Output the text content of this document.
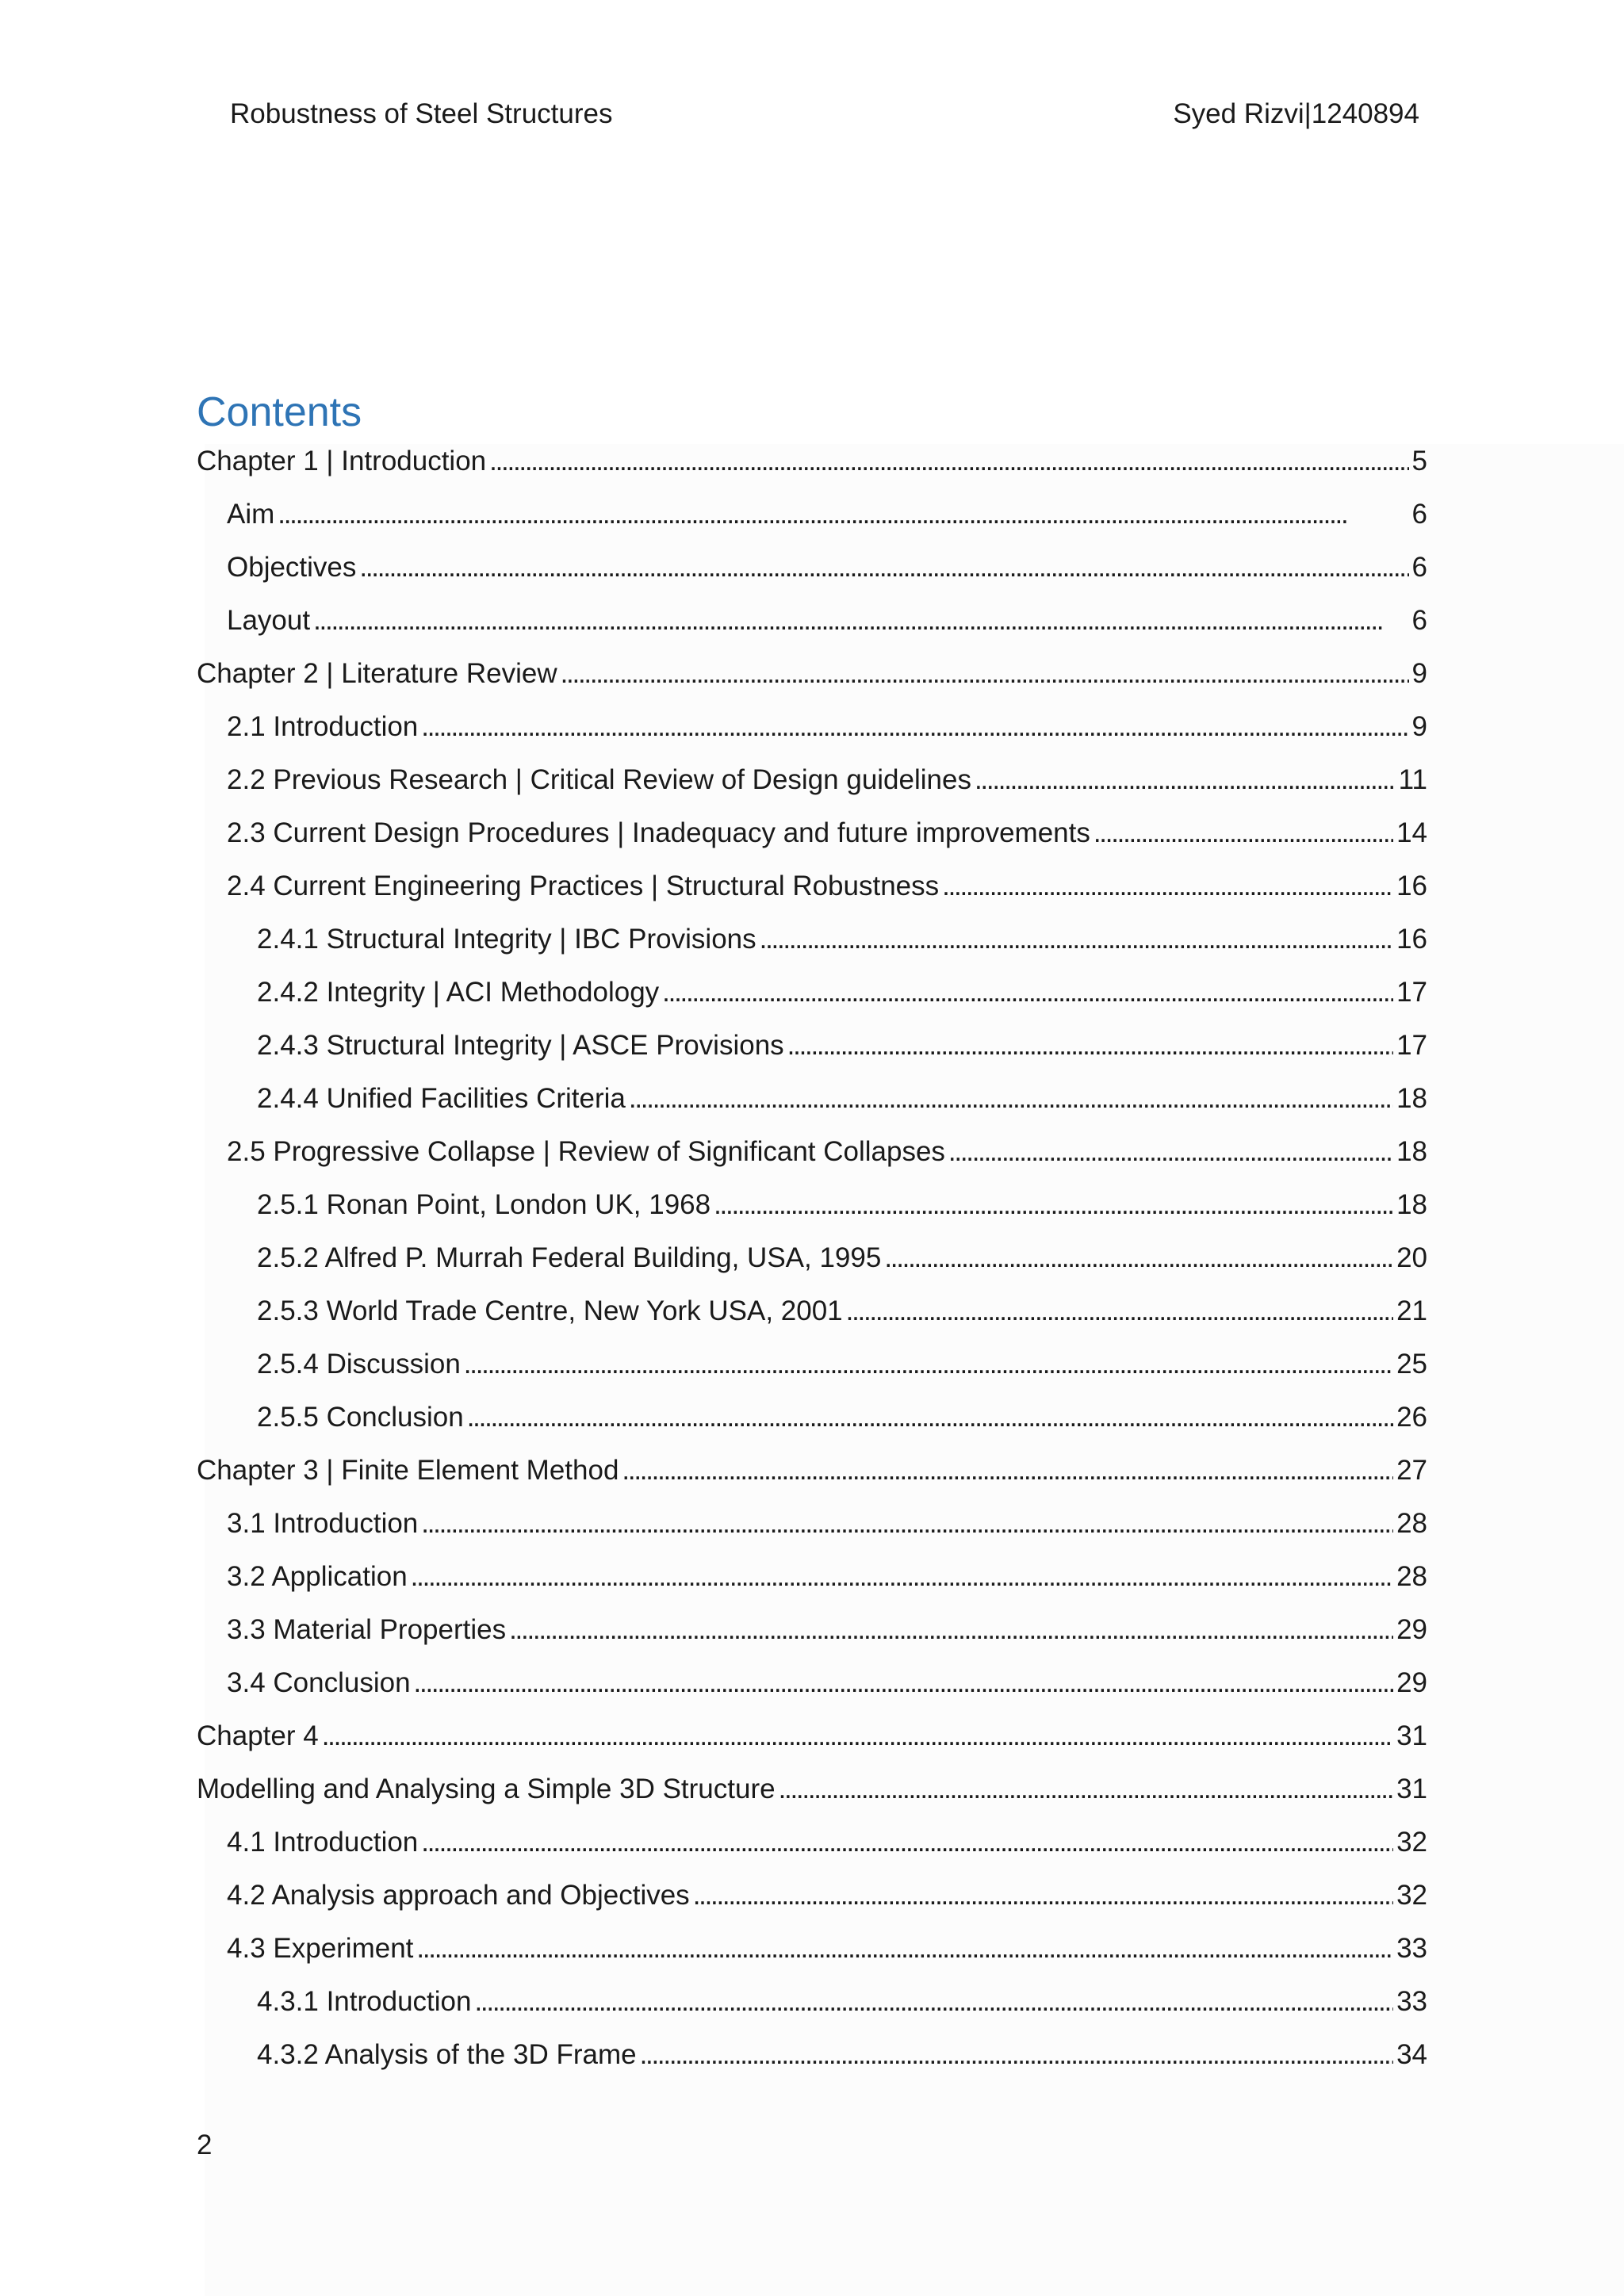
Robustness of Steel Structures	Syed Rizvi|1240894
Contents
Chapter 1 | Introduction . . .	5
Aim . . .	6
Objectives . . .	6
Layout . . .	6
Chapter 2 | Literature Review . . .	9
2.1 Introduction . . .	9
2.2 Previous Research | Critical Review of Design guidelines . . .	11
2.3 Current Design Procedures | Inadequacy and future improvements . . .	14
2.4 Current Engineering Practices | Structural Robustness . . .	16
2.4.1 Structural Integrity | IBC Provisions . . .	16
2.4.2 Integrity | ACI Methodology . . .	17
2.4.3 Structural Integrity | ASCE Provisions . . .	17
2.4.4 Unified Facilities Criteria . . .	18
2.5 Progressive Collapse | Review of Significant Collapses . . .	18
2.5.1 Ronan Point, London UK, 1968 . . .	18
2.5.2 Alfred P. Murrah Federal Building, USA, 1995 . . .	20
2.5.3 World Trade Centre, New York USA, 2001 . . .	21
2.5.4 Discussion . . .	25
2.5.5 Conclusion . . .	26
Chapter 3 | Finite Element Method . . .	27
3.1 Introduction . . .	28
3.2 Application . . .	28
3.3 Material Properties . . .	29
3.4 Conclusion . . .	29
Chapter 4 . . .	31
Modelling and Analysing a Simple 3D Structure . . .	31
4.1 Introduction . . .	32
4.2 Analysis approach and Objectives . . .	32
4.3 Experiment . . .	33
4.3.1 Introduction . . .	33
4.3.2 Analysis of the 3D Frame . . .	34
2
